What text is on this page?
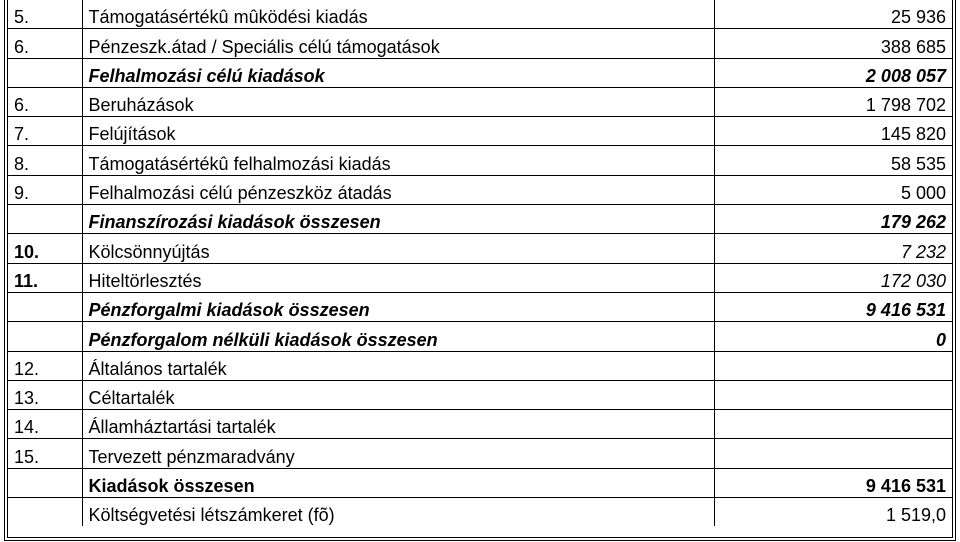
5.	Támogatásértékû mûködési kiadás	25 936
6.	Pénzeszk.átad / Speciális célú támogatások	388 685
	Felhalmozási célú kiadások	2 008 057
6.	Beruházások	1 798 702
7.	Felújítások	145 820
8.	Támogatásértékû felhalmozási kiadás	58 535
9.	Felhalmozási célú pénzeszköz átadás	5 000
	Finanszírozási kiadások összesen	179 262
10.	Kölcsönnyújtás	7 232
11.	Hiteltörlesztés	172 030
	Pénzforgalmi kiadások összesen	9 416 531
	Pénzforgalom nélküli kiadások összesen	0
12.	Általános tartalék	
13.	Céltartalék	
14.	Államháztartási tartalék	
15.	Tervezett pénzmaradvány	
	Kiadások összesen	9 416 531
	Költségvetési létszámkeret (fõ)	1 519,0
